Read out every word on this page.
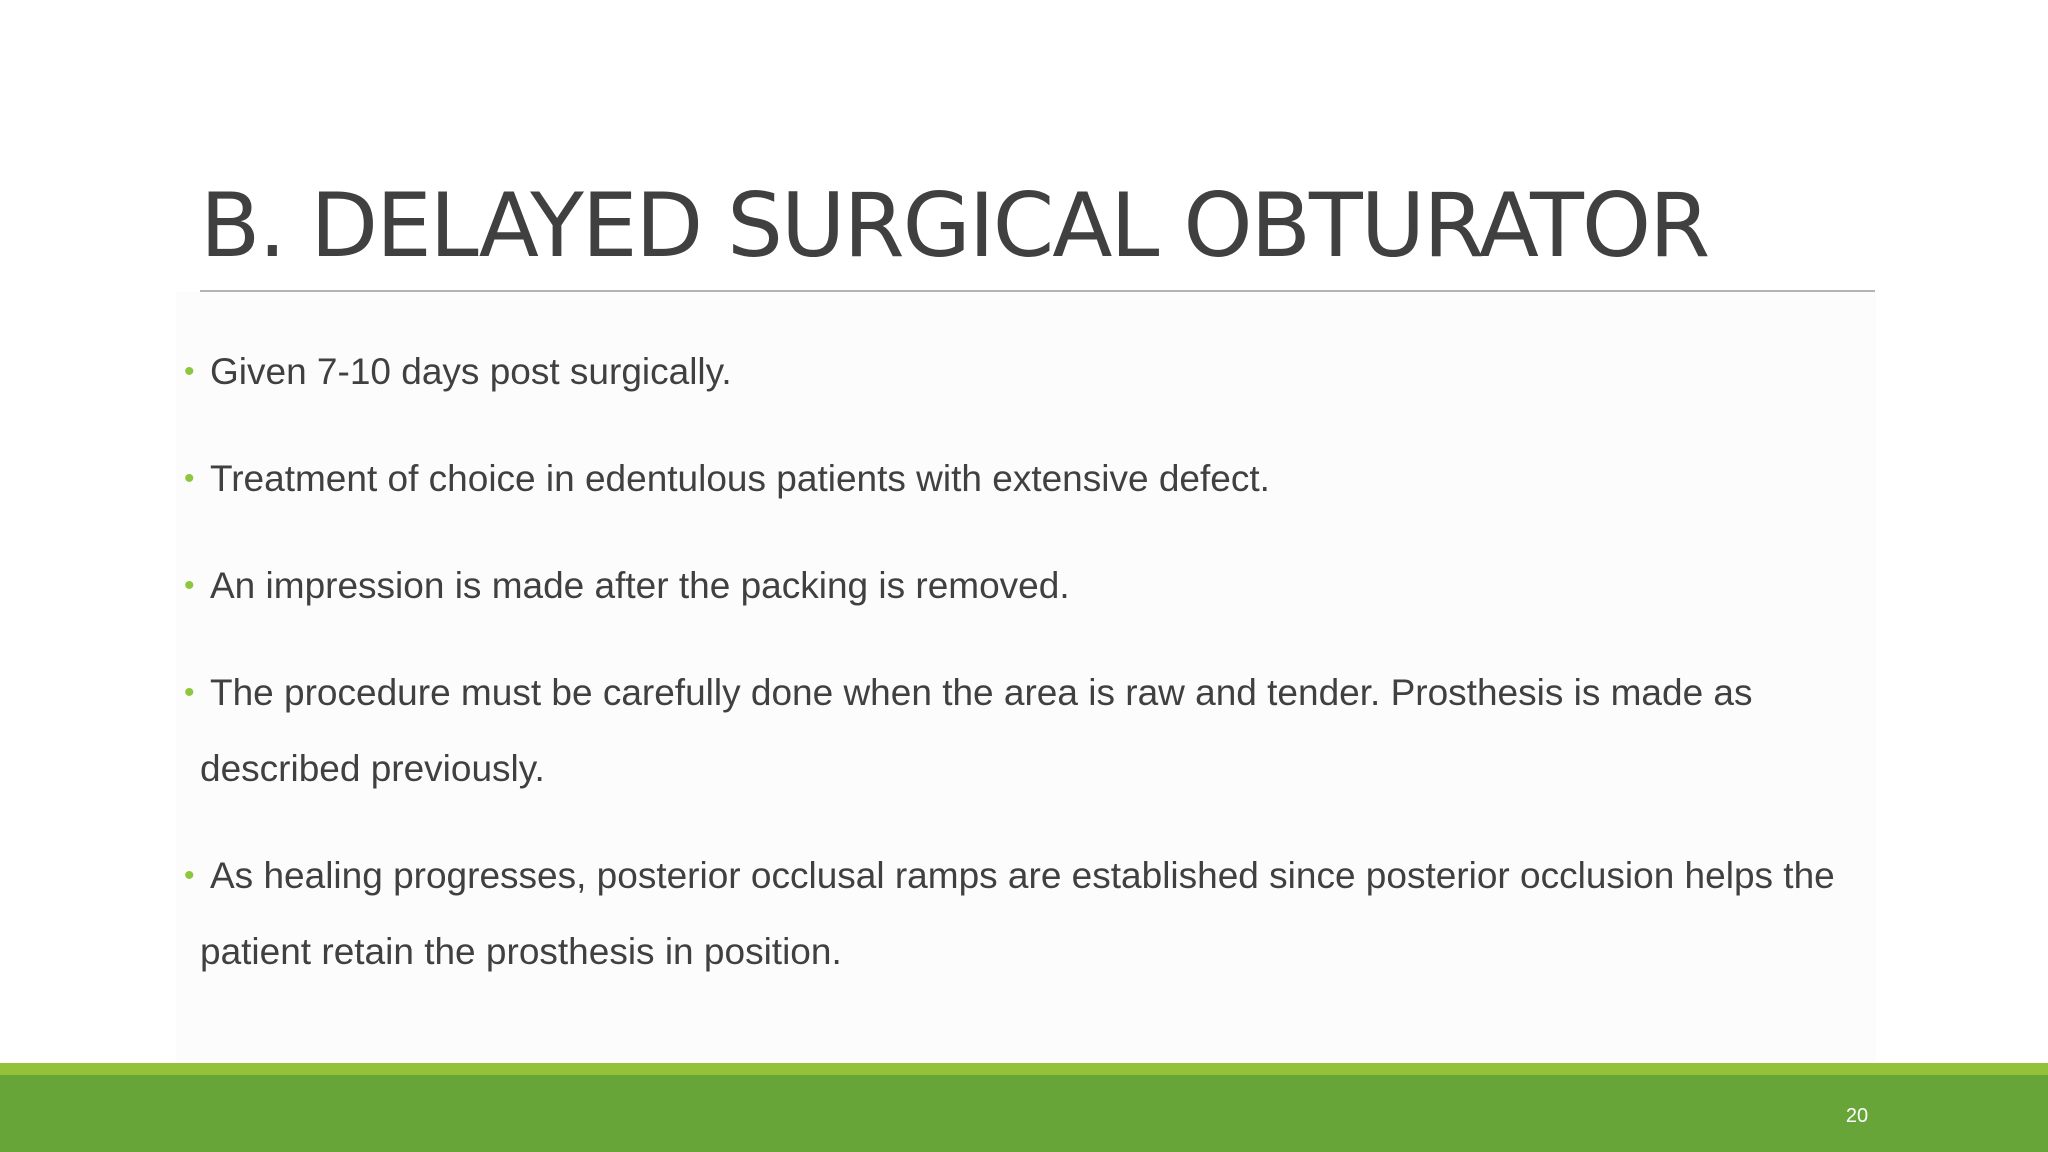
B. DELAYED SURGICAL OBTURATOR
• Given 7-10 days post surgically.
• Treatment of choice in edentulous patients with extensive defect.
• An impression is made after the packing is removed.
• The procedure must be carefully done when the area is raw and tender. Prosthesis is made as described previously.
• As healing progresses, posterior occlusal ramps are established since posterior occlusion helps the patient retain the prosthesis in position.
20
